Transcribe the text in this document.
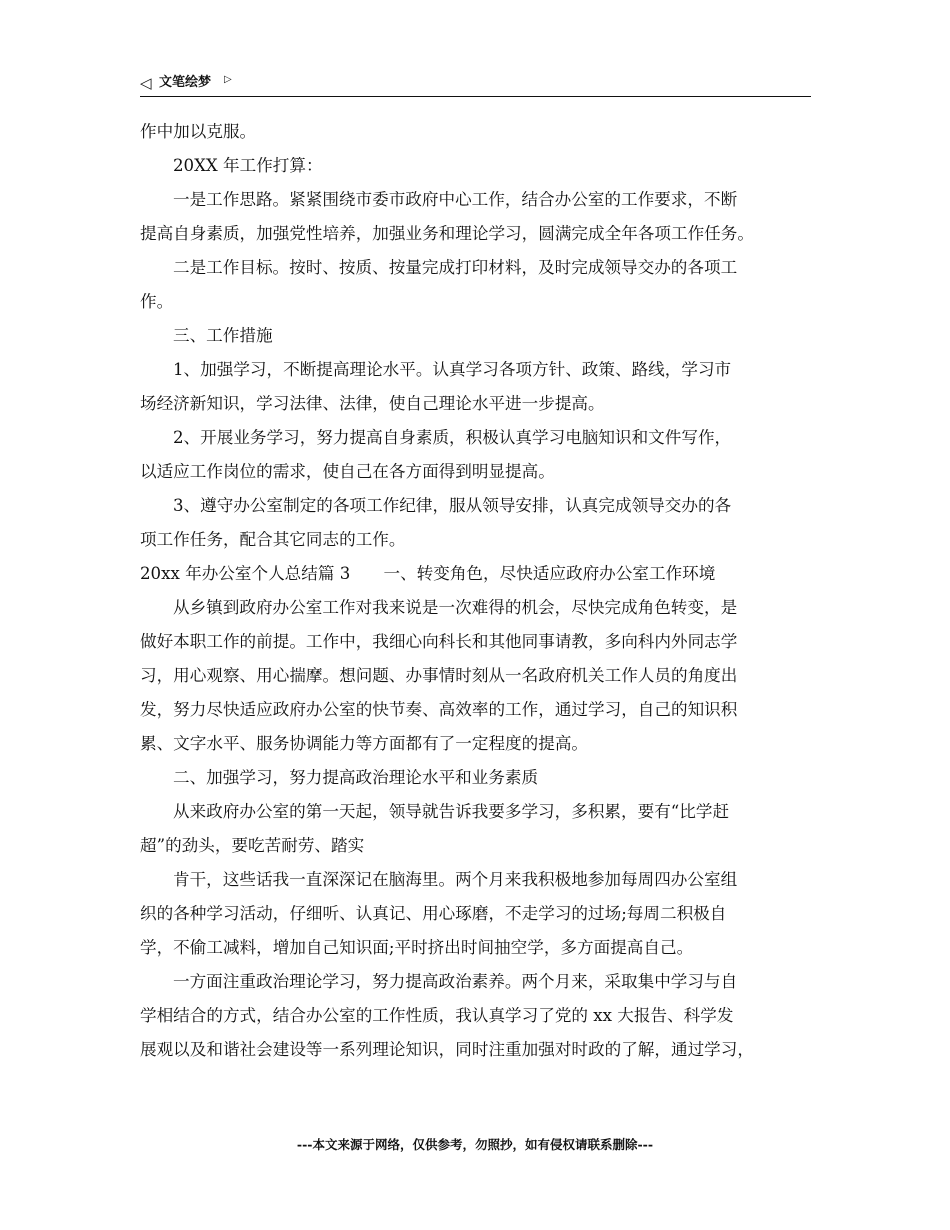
◁ 文笔绘梦 ▷

作中加以克服。

20XX 年工作打算：

一是工作思路。紧紧围绕市委市政府中心工作，结合办公室的工作要求，不断

提高自身素质，加强党性培养，加强业务和理论学习，圆满完成全年各项工作任务。

二是工作目标。按时、按质、按量完成打印材料，及时完成领导交办的各项工

作。

三、工作措施

1、加强学习，不断提高理论水平。认真学习各项方针、政策、路线，学习市

场经济新知识，学习法律、法律，使自己理论水平进一步提高。

2、开展业务学习，努力提高自身素质，积极认真学习电脑知识和文件写作，

以适应工作岗位的需求，使自己在各方面得到明显提高。

3、遵守办公室制定的各项工作纪律，服从领导安排，认真完成领导交办的各

项工作任务，配合其它同志的工作。

20xx 年办公室个人总结篇 3　　一、转变角色，尽快适应政府办公室工作环境

从乡镇到政府办公室工作对我来说是一次难得的机会，尽快完成角色转变，是

做好本职工作的前提。工作中，我细心向科长和其他同事请教，多向科内外同志学

习，用心观察、用心揣摩。想问题、办事情时刻从一名政府机关工作人员的角度出

发，努力尽快适应政府办公室的快节奏、高效率的工作，通过学习，自己的知识积

累、文字水平、服务协调能力等方面都有了一定程度的提高。

二、加强学习，努力提高政治理论水平和业务素质

从来政府办公室的第一天起，领导就告诉我要多学习，多积累，要有“比学赶

超”的劲头，要吃苦耐劳、踏实

肯干，这些话我一直深深记在脑海里。两个月来我积极地参加每周四办公室组

织的各种学习活动，仔细听、认真记、用心琢磨，不走学习的过场;每周二积极自

学，不偷工减料，增加自己知识面;平时挤出时间抽空学，多方面提高自己。

一方面注重政治理论学习，努力提高政治素养。两个月来，采取集中学习与自

学相结合的方式，结合办公室的工作性质，我认真学习了党的 xx 大报告、科学发

展观以及和谐社会建设等一系列理论知识，同时注重加强对时政的了解，通过学习，

---本文来源于网络，仅供参考，勿照抄，如有侵权请联系删除---
